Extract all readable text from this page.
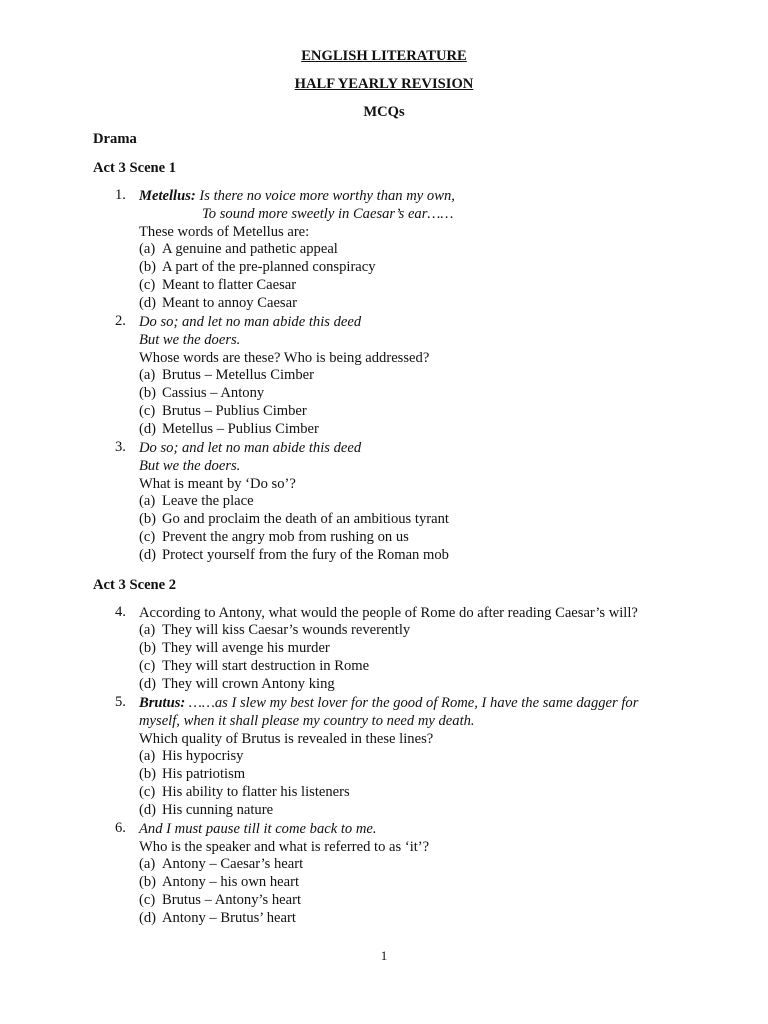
ENGLISH LITERATURE
HALF YEARLY REVISION
MCQs
Drama
Act 3 Scene 1
1. Metellus: Is there no voice more worthy than my own,
To sound more sweetly in Caesar’s ear……
These words of Metellus are:
(a) A genuine and pathetic appeal
(b) A part of the pre-planned conspiracy
(c) Meant to flatter Caesar
(d) Meant to annoy Caesar
2. Do so; and let no man abide this deed
But we the doers.
Whose words are these? Who is being addressed?
(a) Brutus – Metellus Cimber
(b) Cassius – Antony
(c) Brutus – Publius Cimber
(d) Metellus – Publius Cimber
3. Do so; and let no man abide this deed
But we the doers.
What is meant by ‘Do so’?
(a) Leave the place
(b) Go and proclaim the death of an ambitious tyrant
(c) Prevent the angry mob from rushing on us
(d) Protect yourself from the fury of the Roman mob
Act 3 Scene 2
4. According to Antony, what would the people of Rome do after reading Caesar’s will?
(a) They will kiss Caesar’s wounds reverently
(b) They will avenge his murder
(c) They will start destruction in Rome
(d) They will crown Antony king
5. Brutus: ……as I slew my best lover for the good of Rome, I have the same dagger for
myself, when it shall please my country to need my death.
Which quality of Brutus is revealed in these lines?
(a) His hypocrisy
(b) His patriotism
(c) His ability to flatter his listeners
(d) His cunning nature
6. And I must pause till it come back to me.
Who is the speaker and what is referred to as ‘it’?
(a) Antony – Caesar’s heart
(b) Antony – his own heart
(c) Brutus – Antony’s heart
(d) Antony – Brutus’ heart
1
